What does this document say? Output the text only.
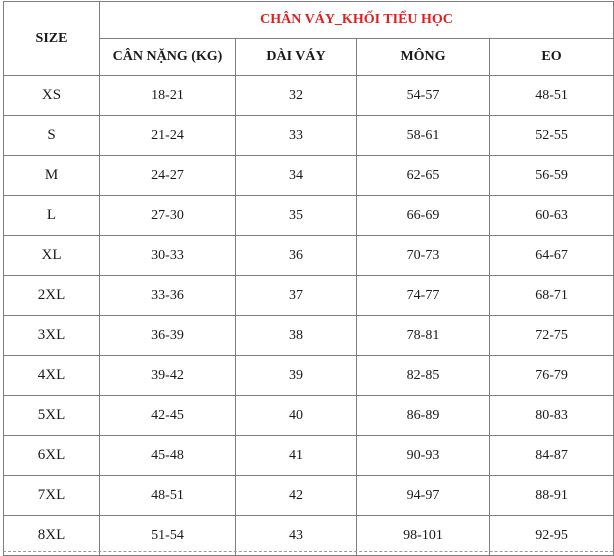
SIZE	CHÂN VÁY_KHỐI TIỂU HỌC			
	CÂN NẶNG (KG)	DÀI VÁY	MÔNG	EO
XS	18-21	32	54-57	48-51
S	21-24	33	58-61	52-55
M	24-27	34	62-65	56-59
L	27-30	35	66-69	60-63
XL	30-33	36	70-73	64-67
2XL	33-36	37	74-77	68-71
3XL	36-39	38	78-81	72-75
4XL	39-42	39	82-85	76-79
5XL	42-45	40	86-89	80-83
6XL	45-48	41	90-93	84-87
7XL	48-51	42	94-97	88-91
8XL	51-54	43	98-101	92-95
